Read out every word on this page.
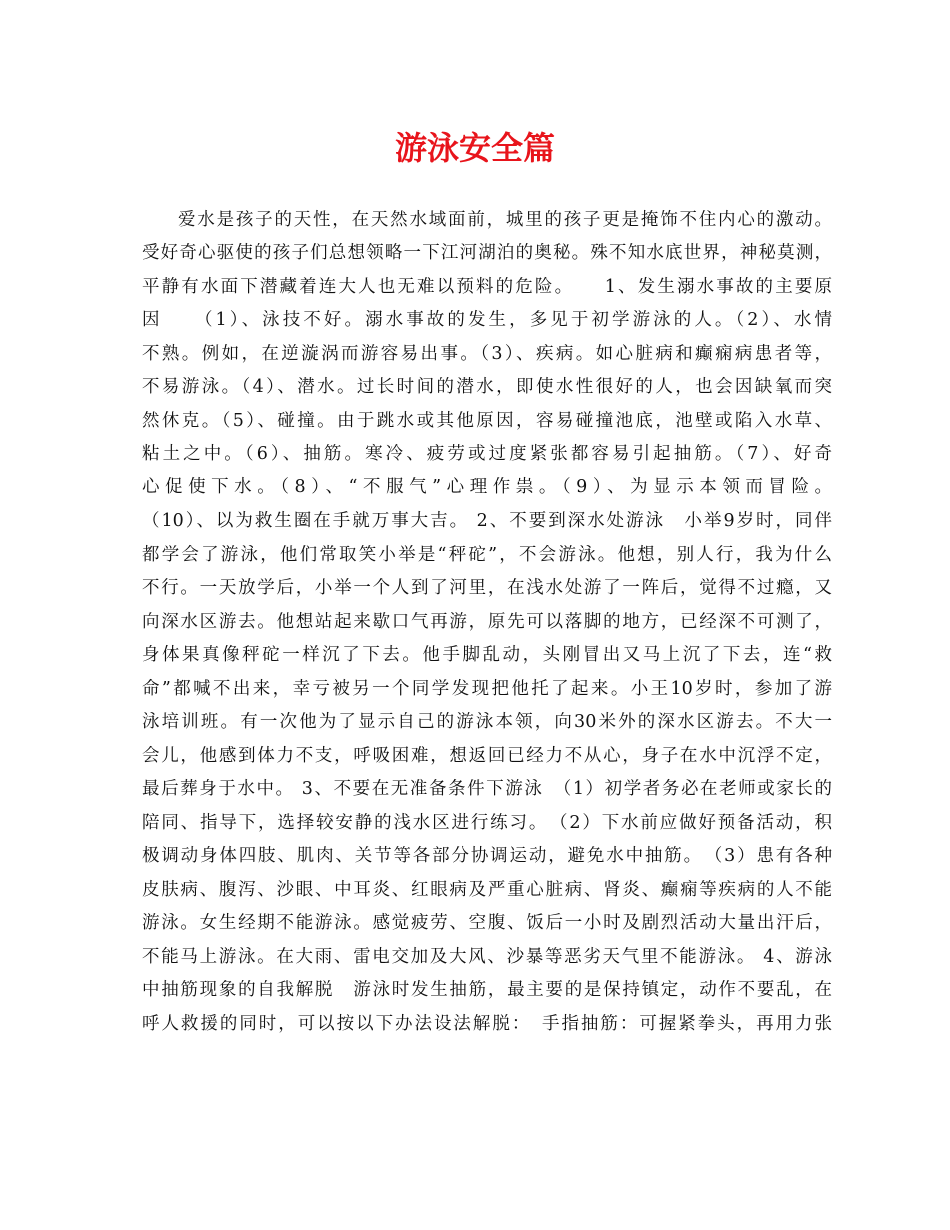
游泳安全篇
爱水是孩子的天性，在天然水域面前，城里的孩子更是掩饰不住内心的激动。
受好奇心驱使的孩子们总想领略一下江河湖泊的奥秘。殊不知水底世界，神秘莫测，
平静有水面下潜藏着连大人也无难以预料的危险。　　1、发生溺水事故的主要原
因　　（1）、泳技不好。溺水事故的发生，多见于初学游泳的人。（2）、水情
不熟。例如，在逆漩涡而游容易出事。（3）、疾病。如心脏病和癫痫病患者等，
不易游泳。（4）、潜水。过长时间的潜水，即使水性很好的人，也会因缺氧而突
然休克。（5）、碰撞。由于跳水或其他原因，容易碰撞池底，池壁或陷入水草、
粘土之中。（6）、抽筋。寒冷、疲劳或过度紧张都容易引起抽筋。（7）、好奇
心促使下水。（8）、“不服气”心理作祟。（9）、为显示本领而冒险。
（10）、以为救生圈在手就万事大吉。 2、不要到深水处游泳　小举9岁时，同伴
都学会了游泳，他们常取笑小举是“秤砣”，不会游泳。他想，别人行，我为什么
不行。一天放学后，小举一个人到了河里，在浅水处游了一阵后，觉得不过瘾，又
向深水区游去。他想站起来歇口气再游，原先可以落脚的地方，已经深不可测了，
身体果真像秤砣一样沉了下去。他手脚乱动，头刚冒出又马上沉了下去，连“救
命”都喊不出来，幸亏被另一个同学发现把他托了起来。小王10岁时，参加了游
泳培训班。有一次他为了显示自己的游泳本领，向30米外的深水区游去。不大一
会儿，他感到体力不支，呼吸困难，想返回已经力不从心，身子在水中沉浮不定，
最后葬身于水中。 3、不要在无准备条件下游泳　（1）初学者务必在老师或家长的
陪同、指导下，选择较安静的浅水区进行练习。　（2）下水前应做好预备活动，积
极调动身体四肢、肌肉、关节等各部分协调运动，避免水中抽筋。　（3）患有各种
皮肤病、腹泻、沙眼、中耳炎、红眼病及严重心脏病、肾炎、癫痫等疾病的人不能
游泳。女生经期不能游泳。感觉疲劳、空腹、饭后一小时及剧烈活动大量出汗后，
不能马上游泳。在大雨、雷电交加及大风、沙暴等恶劣天气里不能游泳。 4、游泳
中抽筋现象的自我解脱　游泳时发生抽筋，最主要的是保持镇定，动作不要乱，在
呼人救援的同时，可以按以下办法设法解脱：　手指抽筋：可握紧拳头，再用力张
